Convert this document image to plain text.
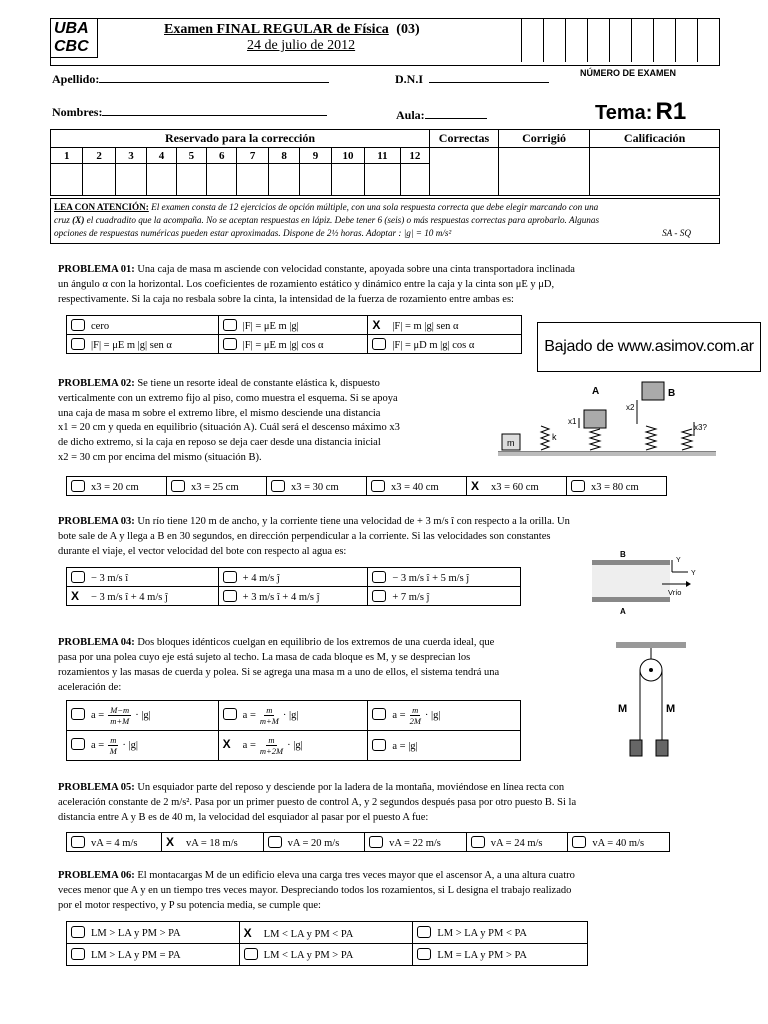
UBA
CBC
Examen FINAL REGULAR de Física (03)
24 de julio de 2012
Apellido:	D.N.I	NÚMERO DE EXAMEN
Nombres:	Aula:	Tema: R1
Reservado para la corrección												Correctas	Corrigió	Calificación
1	2	3	4	5	6	7	8	9	10	11	12			

LEA CON ATENCIÓN: El examen consta de 12 ejercicios de opción múltiple, con una sola respuesta correcta que debe elegir marcando con una
cruz (X) el cuadradito que la acompaña. No se aceptan respuestas en lápiz. Debe tener 6 (seis) o más respuestas correctas para aprobarlo. Algunas
opciones de respuestas numéricas pueden estar aproximadas. Dispone de 2½ horas. Adoptar : |g| = 10 m/s²	SA - SQ
PROBLEMA 01: Una caja de masa m asciende con velocidad constante, apoyada sobre una cinta transportadora inclinada
un ángulo α con la horizontal. Los coeficientes de rozamiento estático y dinámico entre la caja y la cinta son μE y μD,
respectivamente. Si la caja no resbala sobre la cinta, la intensidad de la fuerza de rozamiento entre ambas es:
cero	|F| = μE m |g|	X |F| = m |g| sen α
|F| = μE m |g| sen α	|F| = μE m |g| cos α	|F| = μD m |g| cos α	Bajado de www.asimov.com.ar
PROBLEMA 02: Se tiene un resorte ideal de constante elástica k, dispuesto
verticalmente con un extremo fijo al piso, como muestra el esquema. Si se apoya
una caja de masa m sobre el extremo libre, el mismo desciende una distancia
x1 = 20 cm y queda en equilibrio (situación A). Cuál será el descenso máximo x3
de dicho extremo, si la caja en reposo se deja caer desde una distancia inicial
x2 = 30 cm por encima del mismo (situación B).
m
k
A
x1
B
x2
x3?
x3 = 20 cm	x3 = 25 cm	x3 = 30 cm	x3 = 40 cm	X x3 = 60 cm	x3 = 80 cm
PROBLEMA 03: Un río tiene 120 m de ancho, y la corriente tiene una velocidad de + 3 m/s î con respecto a la orilla. Un
bote sale de A y llega a B en 30 segundos, en dirección perpendicular a la corriente. Si las velocidades son constantes
durante el viaje, el vector velocidad del bote con respecto al agua es:
− 3 m/s î	+ 4 m/s ĵ	− 3 m/s î + 5 m/s ĵ
X − 3 m/s î + 4 m/s ĵ	+ 3 m/s î + 4 m/s ĵ	+ 7 m/s ĵ
B
A
Y
Y
Vrío
PROBLEMA 04: Dos bloques idénticos cuelgan en equilibrio de los extremos de una cuerda ideal, que
pasa por una polea cuyo eje está sujeto al techo. La masa de cada bloque es M, y se desprecian los
rozamientos y las masas de cuerda y polea. Si se agrega una masa m a uno de ellos, el sistema tendrá una
aceleración de:
M	M
$a = \frac{M-m}{m+M} \cdot |g|$	$a = \frac{m}{m+M} \cdot |g|$	$a = \frac{m}{2M} \cdot |g|$

$a = \frac{m}{M} \cdot |g|$	X $a = \frac{m}{m+2M} \cdot |g|$	a = |g|
PROBLEMA 05: Un esquiador parte del reposo y desciende por la ladera de la montaña, moviéndose en línea recta con
aceleración constante de 2 m/s². Pasa por un primer puesto de control A, y 2 segundos después pasa por otro puesto B. Si la
distancia entre A y B es de 40 m, la velocidad del esquiador al pasar por el puesto A fue:
vA = 4 m/s	X vA = 18 m/s	vA = 20 m/s	vA = 22 m/s	vA = 24 m/s	vA = 40 m/s
PROBLEMA 06: El montacargas M de un edificio eleva una carga tres veces mayor que el ascensor A, a una altura cuatro
veces menor que A y en un tiempo tres veces mayor. Despreciando todos los rozamientos, si L designa el trabajo realizado
por el motor respectivo, y P su potencia media, se cumple que:
LM > LA y PM > PA	X LM < LA y PM < PA	LM > LA y PM < PA
LM > LA y PM = PA	LM < LA y PM > PA	LM = LA y PM > PA
